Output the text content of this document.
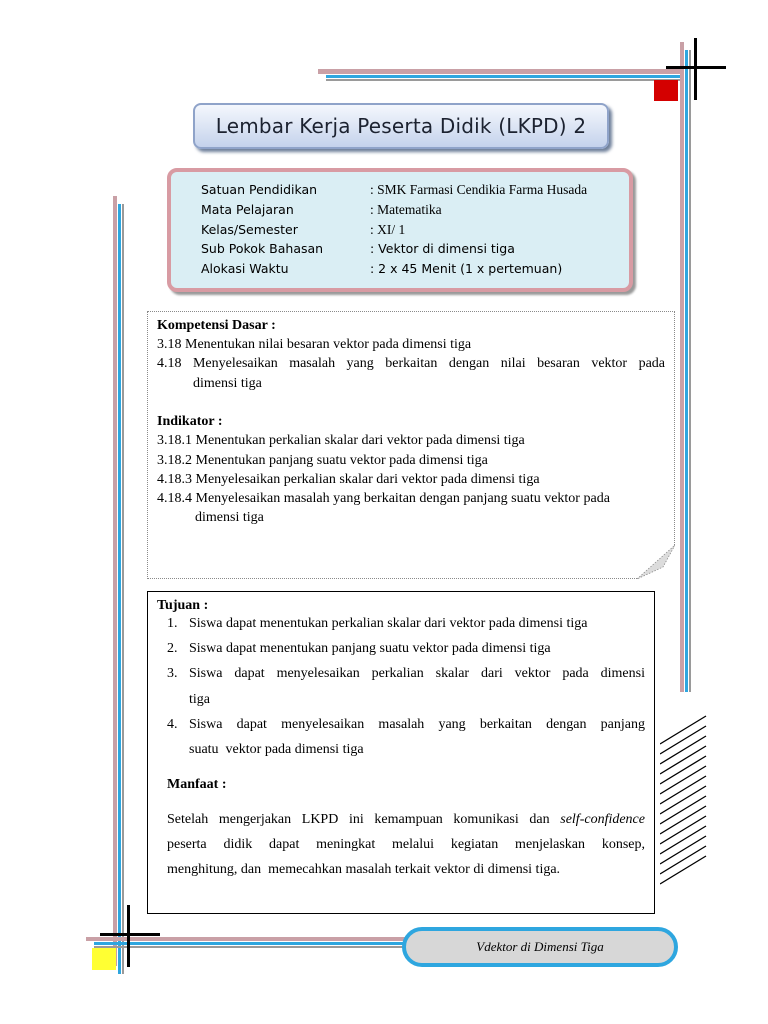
Lembar Kerja Peserta Didik (LKPD) 2
Satuan Pendidikan	: SMK Farmasi Cendikia Farma Husada
Mata Pelajaran	: Matematika
Kelas/Semester	: XI/ 1
Sub Pokok Bahasan	: Vektor di dimensi tiga
Alokasi Waktu	: 2 x 45 Menit (1 x pertemuan)
Kompetensi Dasar :
3.18 Menentukan nilai besaran vektor pada dimensi tiga
4.18 Menyelesaikan masalah yang berkaitan dengan nilai besaran vektor pada
dimensi tiga
Indikator :
3.18.1 Menentukan perkalian skalar dari vektor pada dimensi tiga
3.18.2 Menentukan panjang suatu vektor pada dimensi tiga
4.18.3 Menyelesaikan perkalian skalar dari vektor pada dimensi tiga
4.18.4 Menyelesaikan masalah yang berkaitan dengan panjang suatu vektor pada
dimensi tiga
Tujuan :
1. Siswa dapat menentukan perkalian skalar dari vektor pada dimensi tiga
2. Siswa dapat menentukan panjang suatu vektor pada dimensi tiga
3. Siswa dapat menyelesaikan perkalian skalar dari vektor pada dimensi
tiga
4. Siswa dapat menyelesaikan masalah yang berkaitan dengan panjang
suatu  vektor pada dimensi tiga
Manfaat :
Setelah mengerjakan LKPD ini kemampuan komunikasi dan self-confidence
peserta didik dapat meningkat melalui kegiatan menjelaskan konsep,
menghitung, dan  memecahkan masalah terkait vektor di dimensi tiga.
Vdektor di Dimensi Tiga
